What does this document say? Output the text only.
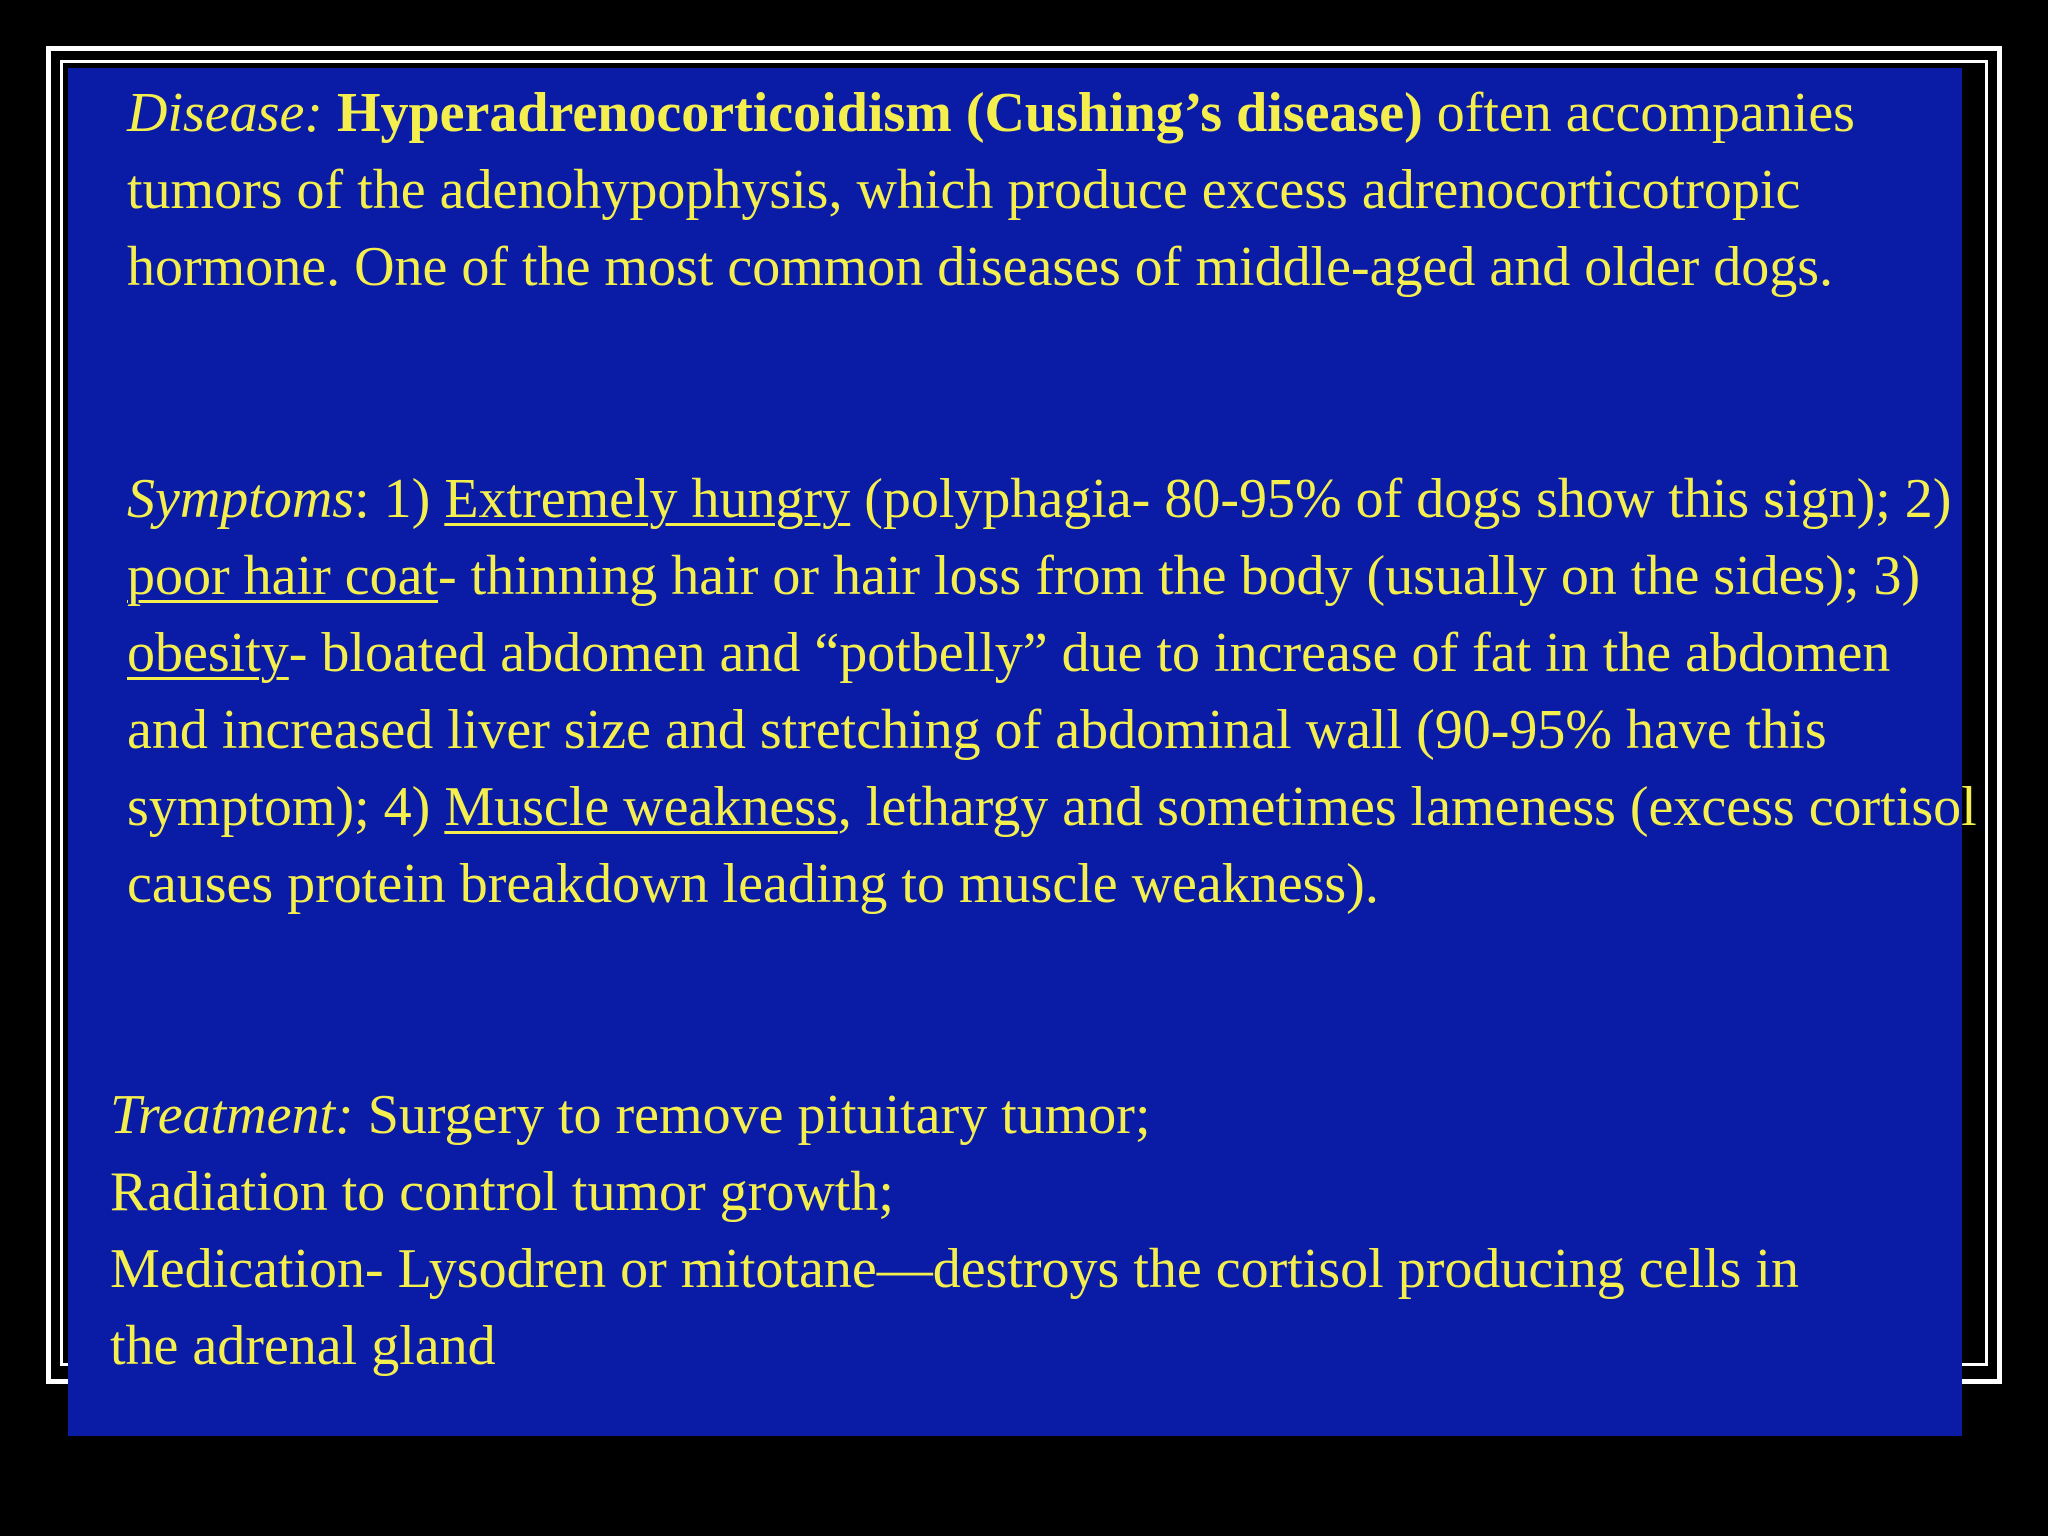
Disease: Hyperadrenocorticoidism (Cushing’s disease) often accompanies tumors of the adenohypophysis, which produce excess adrenocorticotropic hormone. One of the most common diseases of middle-aged and older dogs.
Symptoms: 1) Extremely hungry (polyphagia- 80-95% of dogs show this sign); 2) poor hair coat- thinning hair or hair loss from the body (usually on the sides); 3) obesity- bloated abdomen and “potbelly” due to increase of fat in the abdomen and increased liver size and stretching of abdominal wall (90-95% have this symptom); 4) Muscle weakness, lethargy and sometimes lameness (excess cortisol causes protein breakdown leading to muscle weakness).
Treatment: Surgery to remove pituitary tumor;
Radiation to control tumor growth;
Medication- Lysodren or mitotane—destroys the cortisol producing cells in the adrenal gland
